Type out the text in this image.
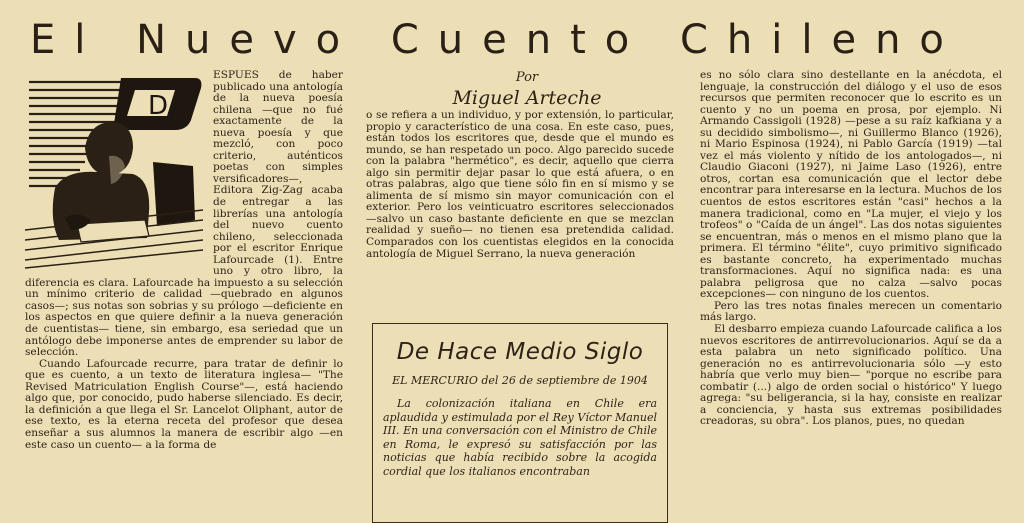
El Nuevo Cuento Chileno
D

ESPUES de haber publicado una antología de la nueva poesía chilena —que no fué exactamente de la nueva poesía y que mezcló, con poco criterio, auténticos poetas con simples versificadores—, Editora Zig-Zag acaba de entregar a las librerías una antología del nuevo cuento chileno, seleccionada por el escritor Enrique Lafourcade (1). Entre uno y otro libro, la diferencia es clara. Lafourcade ha impuesto a su selección un mínimo criterio de calidad —quebrado en algunos casos—; sus notas son sobrias y su prólogo —deficiente en los aspectos en que quiere definir a la nueva generación de cuentistas— tiene, sin embargo, esa seriedad que un antólogo debe imponerse antes de emprender su labor de selección.

Cuando Lafourcade recurre, para tratar de definir lo que es cuento, a un texto de literatura inglesa— "The Revised Matriculation English Course"—, está haciendo algo que, por conocido, pudo haberse silenciado. Es decir, la definición a que llega el Sr. Lancelot Oliphant, autor de ese texto, es la eterna receta del profesor que desea enseñar a sus alumnos la manera de escribir algo —en este caso un cuento— a la forma de

Por

Miguel Arteche

o se refiera a un individuo, y por extensión, lo particular, propio y característico de una cosa. En este caso, pues, están todos los escritores que, desde que el mundo es mundo, se han respetado un poco. Algo parecido sucede con la palabra "hermético", es decir, aquello que cierra algo sin permitir dejar pasar lo que está afuera, o en otras palabras, algo que tiene sólo fin en sí mismo y se alimenta de sí mismo sin mayor comunicación con el exterior. Pero los veinticuatro escritores seleccionados —salvo un caso bastante deficiente en que se mezclan realidad y sueño— no tienen esa pretendida calidad. Comparados con los cuentistas elegidos en la conocida antología de Miguel Serrano, la nueva generación

De Hace Medio Siglo

EL MERCURIO del 26 de septiembre de 1904

La colonización italiana en Chile era aplaudida y estimulada por el Rey Víctor Manuel III. En una conversación con el Ministro de Chile en Roma, le expresó su satisfacción por las noticias que había recibido sobre la acogida cordial que los italianos encontraban

es no sólo clara sino destellante en la anécdota, el lenguaje, la construcción del diálogo y el uso de esos recursos que permiten reconocer que lo escrito es un cuento y no un poema en prosa, por ejemplo. Ni Armando Cassigoli (1928) —pese a su raíz kafkiana y a su decidido simbolismo—, ni Guillermo Blanco (1926), ni Mario Espinosa (1924), ni Pablo García (1919) —tal vez el más violento y nítido de los antologados—, ni Claudio Giaconi (1927), ni Jaime Laso (1926), entre otros, cortan esa comunicación que el lector debe encontrar para interesarse en la lectura. Muchos de los cuentos de estos escritores están "casi" hechos a la manera tradicional, como en "La mujer, el viejo y los trofeos" o "Caída de un ángel". Las dos notas siguientes se encuentran, más o menos en el mismo plano que la primera. El término "élite", cuyo primitivo significado es bastante concreto, ha experimentado muchas transformaciones. Aquí no significa nada: es una palabra peligrosa que no calza —salvo pocas excepciones— con ninguno de los cuentos.

Pero las tres notas finales merecen un comentario más largo.

El desbarro empieza cuando Lafourcade califica a los nuevos escritores de antirrevolucionarios. Aquí se da a esta palabra un neto significado político. Una generación no es antirrevolucionaria sólo —y esto habría que verlo muy bien— "porque no escribe para combatir (...) algo de orden social o histórico" Y luego agrega: "su beligerancia, si la hay, consiste en realizar a conciencia, y hasta sus extremas posibilidades creadoras, su obra". Los planos, pues, no quedan
